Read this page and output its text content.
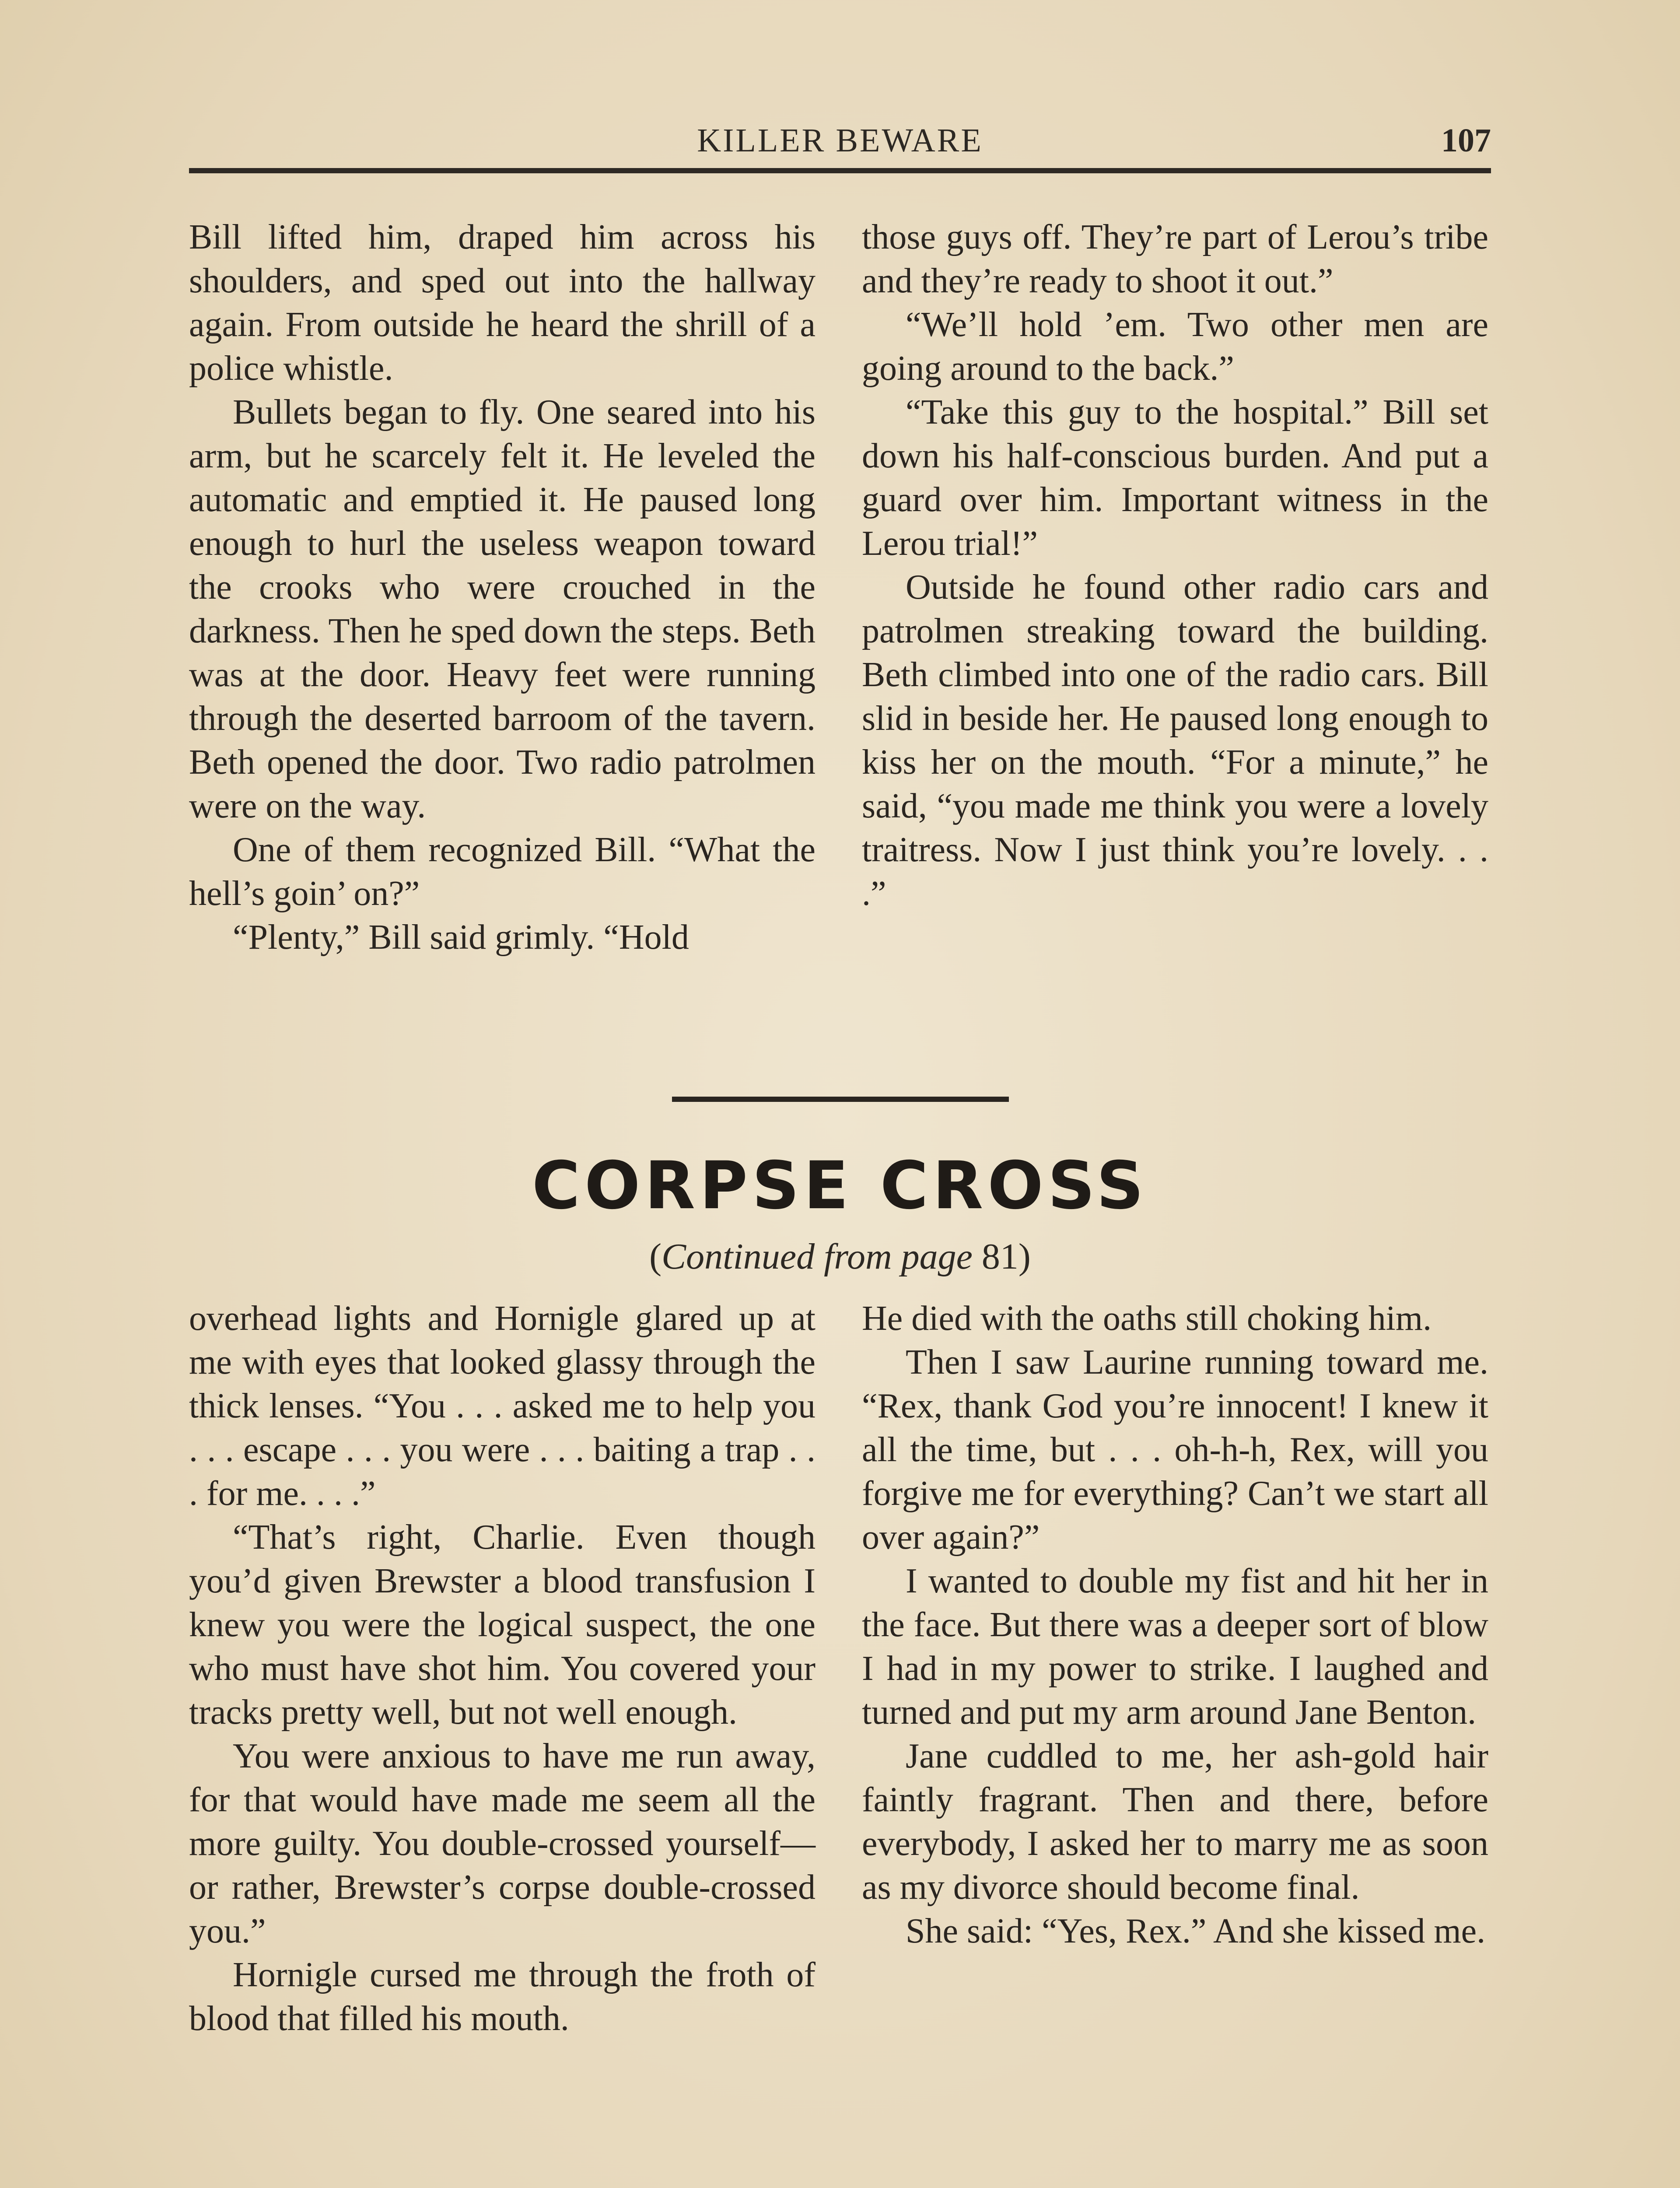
KILLER BEWARE	107

Bill lifted him, draped him across his shoulders, and sped out into the hallway again. From outside he heard the shrill of a police whistle.

Bullets began to fly. One seared into his arm, but he scarcely felt it. He leveled the automatic and emptied it. He paused long enough to hurl the useless weapon toward the crooks who were crouched in the darkness. Then he sped down the steps. Beth was at the door. Heavy feet were running through the deserted barroom of the tavern. Beth opened the door. Two radio patrolmen were on the way.

One of them recognized Bill. “What the hell’s goin’ on?”

“Plenty,” Bill said grimly. “Hold

those guys off. They’re part of Lerou’s tribe and they’re ready to shoot it out.”

“We’ll hold ’em. Two other men are going around to the back.”

“Take this guy to the hospital.” Bill set down his half-conscious burden. And put a guard over him. Important witness in the Lerou trial!”

Outside he found other radio cars and patrolmen streaking toward the building. Beth climbed into one of the radio cars. Bill slid in beside her. He paused long enough to kiss her on the mouth. “For a minute,” he said, “you made me think you were a lovely traitress. Now I just think you’re lovely. . . .”

CORPSE CROSS
(Continued from page 81)

overhead lights and Hornigle glared up at me with eyes that looked glassy through the thick lenses. “You . . . asked me to help you . . . escape . . . you were . . . baiting a trap . . . for me. . . .”

“That’s right, Charlie. Even though you’d given Brewster a blood transfusion I knew you were the logical suspect, the one who must have shot him. You covered your tracks pretty well, but not well enough.

You were anxious to have me run away, for that would have made me seem all the more guilty. You double-crossed yourself—or rather, Brewster’s corpse double-crossed you.”

Hornigle cursed me through the froth of blood that filled his mouth.

He died with the oaths still choking him.

Then I saw Laurine running toward me. “Rex, thank God you’re innocent! I knew it all the time, but . . . oh-h-h, Rex, will you forgive me for everything? Can’t we start all over again?”

I wanted to double my fist and hit her in the face. But there was a deeper sort of blow I had in my power to strike. I laughed and turned and put my arm around Jane Benton.

Jane cuddled to me, her ash-gold hair faintly fragrant. Then and there, before everybody, I asked her to marry me as soon as my divorce should become final.

She said: “Yes, Rex.” And she kissed me.
